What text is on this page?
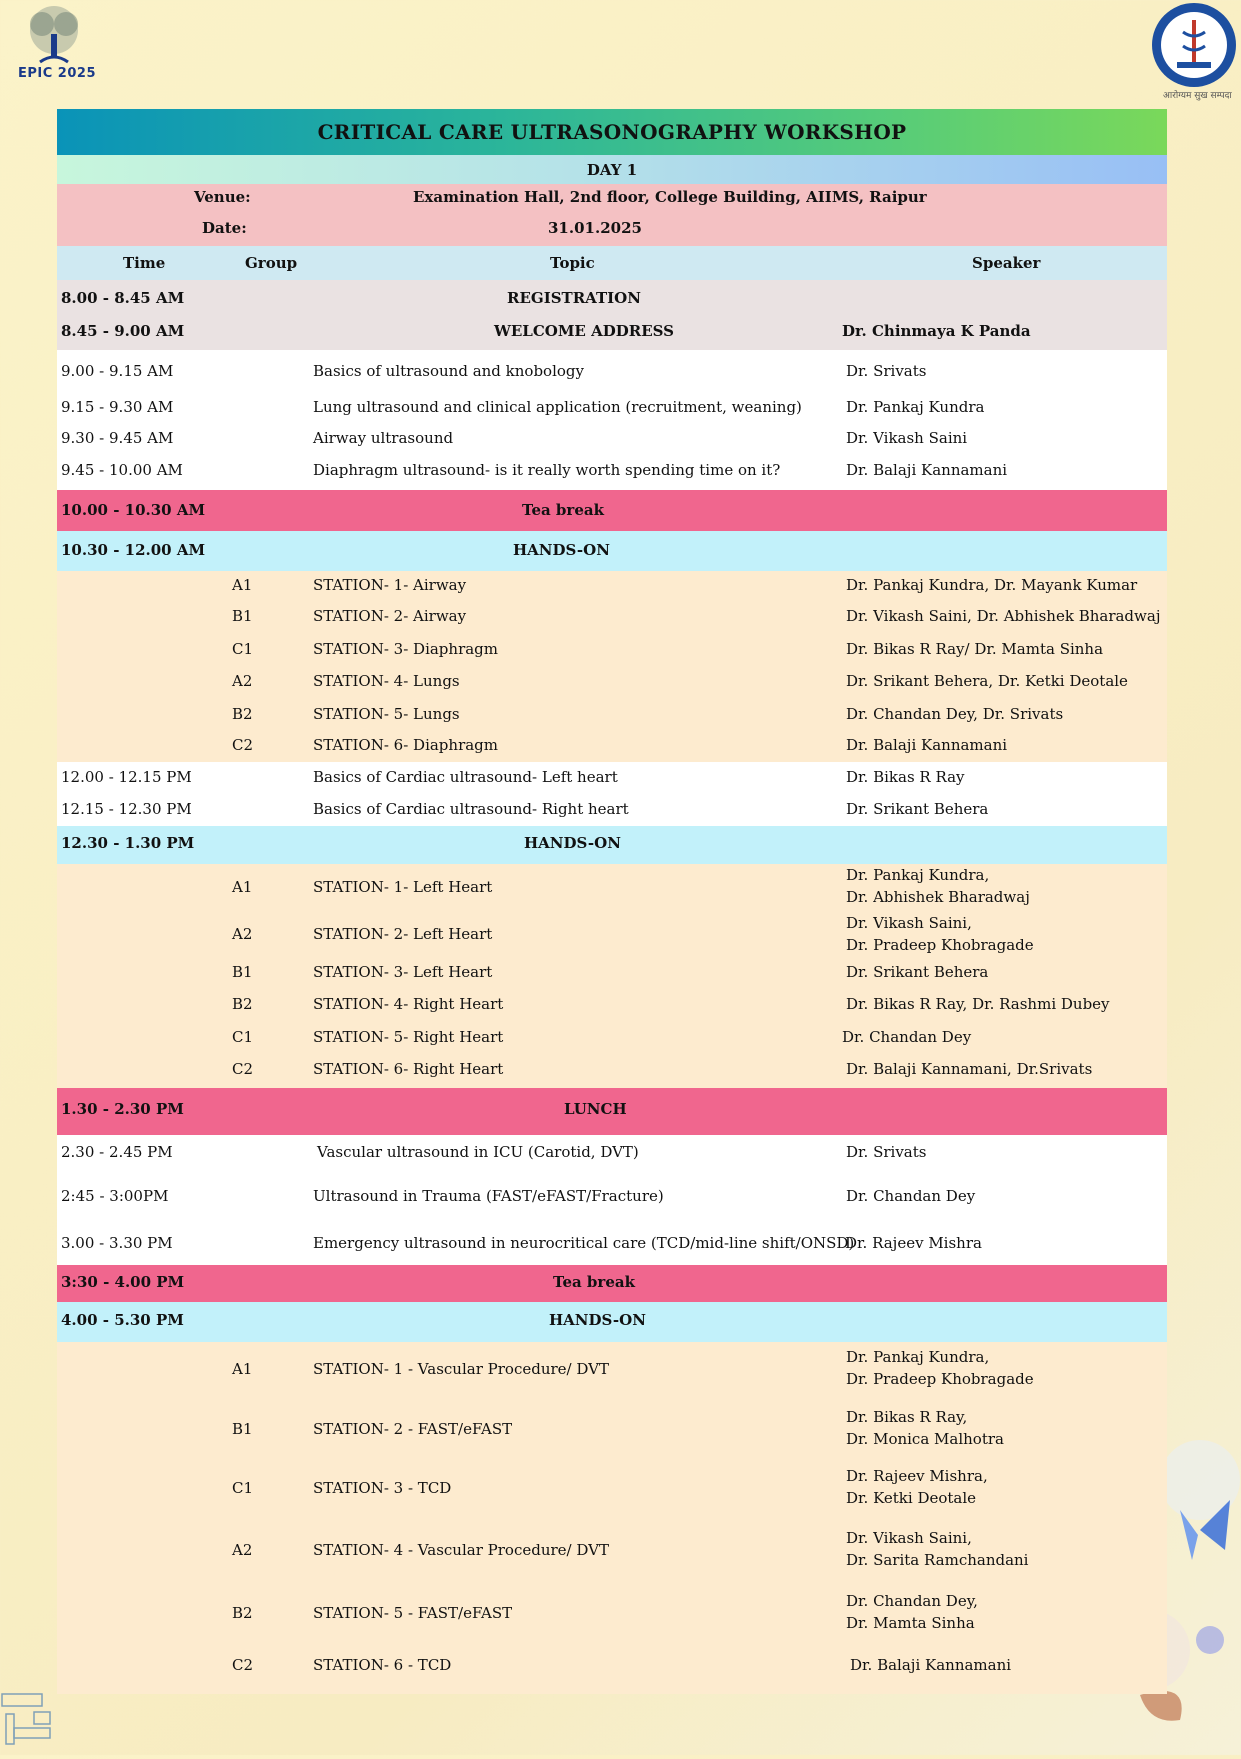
EPIC 2025
आरोग्यम सुख सम्पदा
CRITICAL CARE ULTRASONOGRAPHY WORKSHOP
DAY 1
Venue:	Examination Hall, 2nd floor, College Building, AIIMS, Raipur
Date:	31.01.2025
Time	Group	Topic	Speaker
8.00 - 8.45 AM	REGISTRATION
8.45 - 9.00 AM	WELCOME ADDRESS	Dr. Chinmaya K Panda
9.00 - 9.15 AM	Basics of ultrasound and knobology	Dr. Srivats
9.15 - 9.30 AM	Lung ultrasound and clinical application (recruitment, weaning)	Dr. Pankaj Kundra
9.30 - 9.45 AM	Airway ultrasound	Dr. Vikash Saini
9.45 - 10.00 AM	Diaphragm ultrasound- is it really worth spending time on it?	Dr. Balaji Kannamani
10.00 - 10.30 AM	Tea break
10.30 - 12.00 AM	HANDS-ON
A1	STATION- 1- Airway	Dr. Pankaj Kundra, Dr. Mayank Kumar
B1	STATION- 2- Airway	Dr. Vikash Saini, Dr. Abhishek Bharadwaj
C1	STATION- 3- Diaphragm	Dr. Bikas R Ray/ Dr. Mamta Sinha
A2	STATION- 4- Lungs	Dr. Srikant Behera, Dr. Ketki Deotale
B2	STATION- 5- Lungs	Dr. Chandan Dey, Dr. Srivats
C2	STATION- 6- Diaphragm	Dr. Balaji Kannamani
12.00 - 12.15 PM	Basics of Cardiac ultrasound- Left heart	Dr. Bikas R Ray
12.15 - 12.30 PM	Basics of Cardiac ultrasound- Right heart	Dr. Srikant Behera
12.30 - 1.30 PM	HANDS-ON
A1	STATION- 1- Left Heart
Dr. Pankaj Kundra,
Dr. Abhishek Bharadwaj
A2	STATION- 2- Left Heart
Dr. Vikash Saini,
Dr. Pradeep Khobragade
B1	STATION- 3- Left Heart	Dr. Srikant Behera
B2	STATION- 4- Right Heart	Dr. Bikas R Ray, Dr. Rashmi Dubey
C1	STATION- 5- Right Heart	Dr. Chandan Dey
C2	STATION- 6- Right Heart	Dr. Balaji Kannamani, Dr.Srivats
1.30 - 2.30 PM	LUNCH
2.30 - 2.45 PM	Vascular ultrasound in ICU (Carotid, DVT)	Dr. Srivats
2:45 - 3:00PM	Ultrasound in Trauma (FAST/eFAST/Fracture)	Dr. Chandan Dey
3.00 - 3.30 PM	Emergency ultrasound in neurocritical care (TCD/mid-line shift/ONSD)
Dr. Rajeev Mishra
3:30 - 4.00 PM	Tea break
4.00 - 5.30 PM	HANDS-ON
A1	STATION- 1 - Vascular Procedure/ DVT
Dr. Pankaj Kundra,
Dr. Pradeep Khobragade
B1	STATION- 2 - FAST/eFAST
Dr. Bikas R Ray,
Dr. Monica Malhotra
C1	STATION- 3 - TCD
Dr. Rajeev Mishra,
Dr. Ketki Deotale
A2	STATION- 4 - Vascular Procedure/ DVT
Dr. Vikash Saini,
Dr. Sarita Ramchandani
B2	STATION- 5 - FAST/eFAST
Dr. Chandan Dey,
Dr. Mamta Sinha
C2	STATION- 6 - TCD	Dr. Balaji Kannamani
